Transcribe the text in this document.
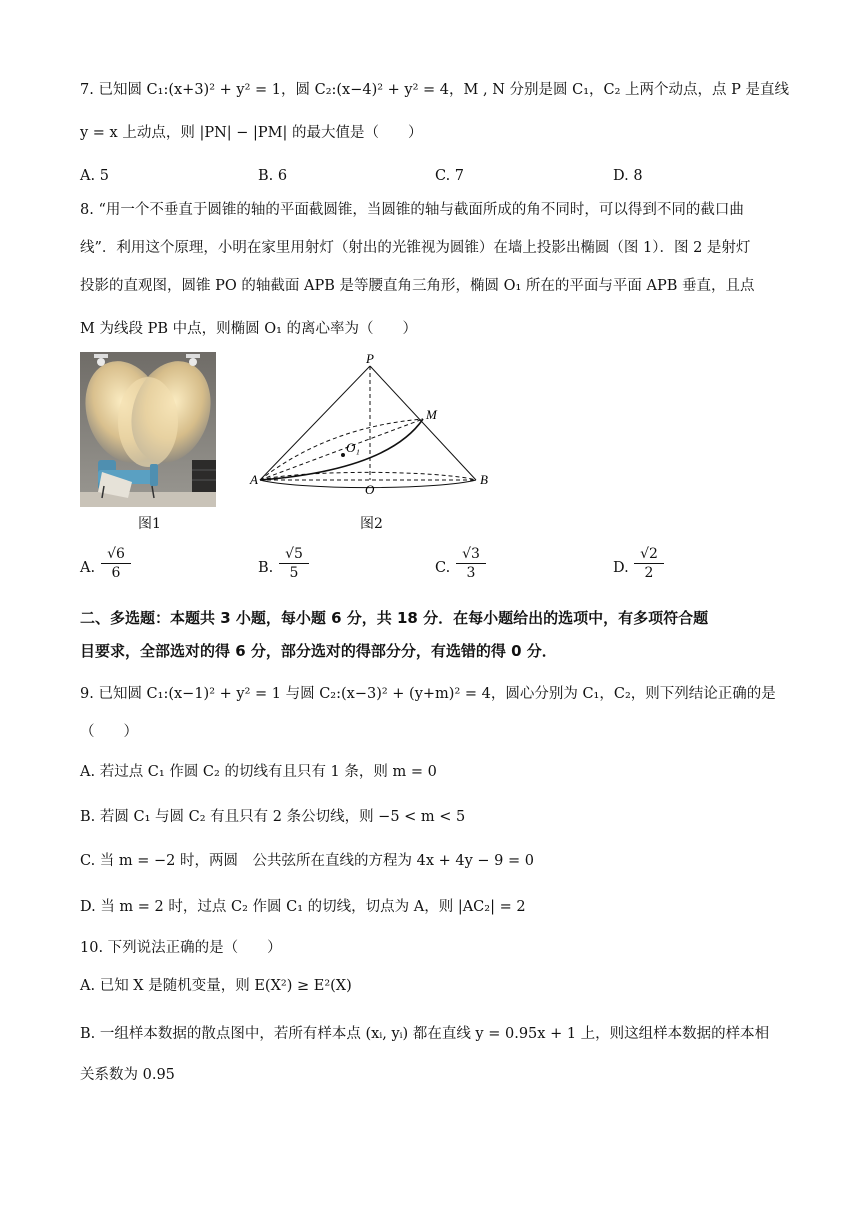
7. 已知圆 C₁:(x+3)² + y² = 1，圆 C₂:(x−4)² + y² = 4，M , N 分别是圆 C₁，C₂ 上两个动点，点 P 是直线
y = x 上动点，则 |PN| − |PM| 的最大值是（　　）
A. 5	B. 6	C. 7	D. 8
8. “用一个不垂直于圆锥的轴的平面截圆锥，当圆锥的轴与截面所成的角不同时，可以得到不同的截口曲
线”．利用这个原理，小明在家里用射灯（射出的光锥视为圆锥）在墙上投影出椭圆（图 1）．图 2 是射灯
投影的直观图，圆锥 PO 的轴截面 APB 是等腰直角三角形，椭圆 O₁ 所在的平面与平面 APB 垂直，且点
M 为线段 PB 中点，则椭圆 O₁ 的离心率为（　　）
图1
P
M
O₁
A
O
B
图2
A. $\frac{√6}{6}$	B. $\frac{√5}{5}$	C. $\frac{√3}{3}$	D. $\frac{√2}{2}$
二、多选题：本题共 3 小题，每小题 6 分，共 18 分．在每小题给出的选项中，有多项符合题
目要求，全部选对的得 6 分，部分选对的得部分分，有选错的得 0 分．
9. 已知圆 C₁:(x−1)² + y² = 1 与圆 C₂:(x−3)² + (y+m)² = 4，圆心分别为 C₁，C₂，则下列结论正确的是
（　　）
A. 若过点 C₁ 作圆 C₂ 的切线有且只有 1 条，则 m = 0
B. 若圆 C₁ 与圆 C₂ 有且只有 2 条公切线，则 −5 < m < 5
C. 当 m = −2 时，两圆　公共弦所在直线的方程为 4x + 4y − 9 = 0
D. 当 m = 2 时，过点 C₂ 作圆 C₁ 的切线，切点为 A，则 |AC₂| = 2
10. 下列说法正确的是（　　）
A. 已知 X 是随机变量，则 E(X²) ≥ E²(X)
B. 一组样本数据的散点图中，若所有样本点 (xᵢ, yᵢ) 都在直线 y = 0.95x + 1 上，则这组样本数据的样本相
关系数为 0.95
